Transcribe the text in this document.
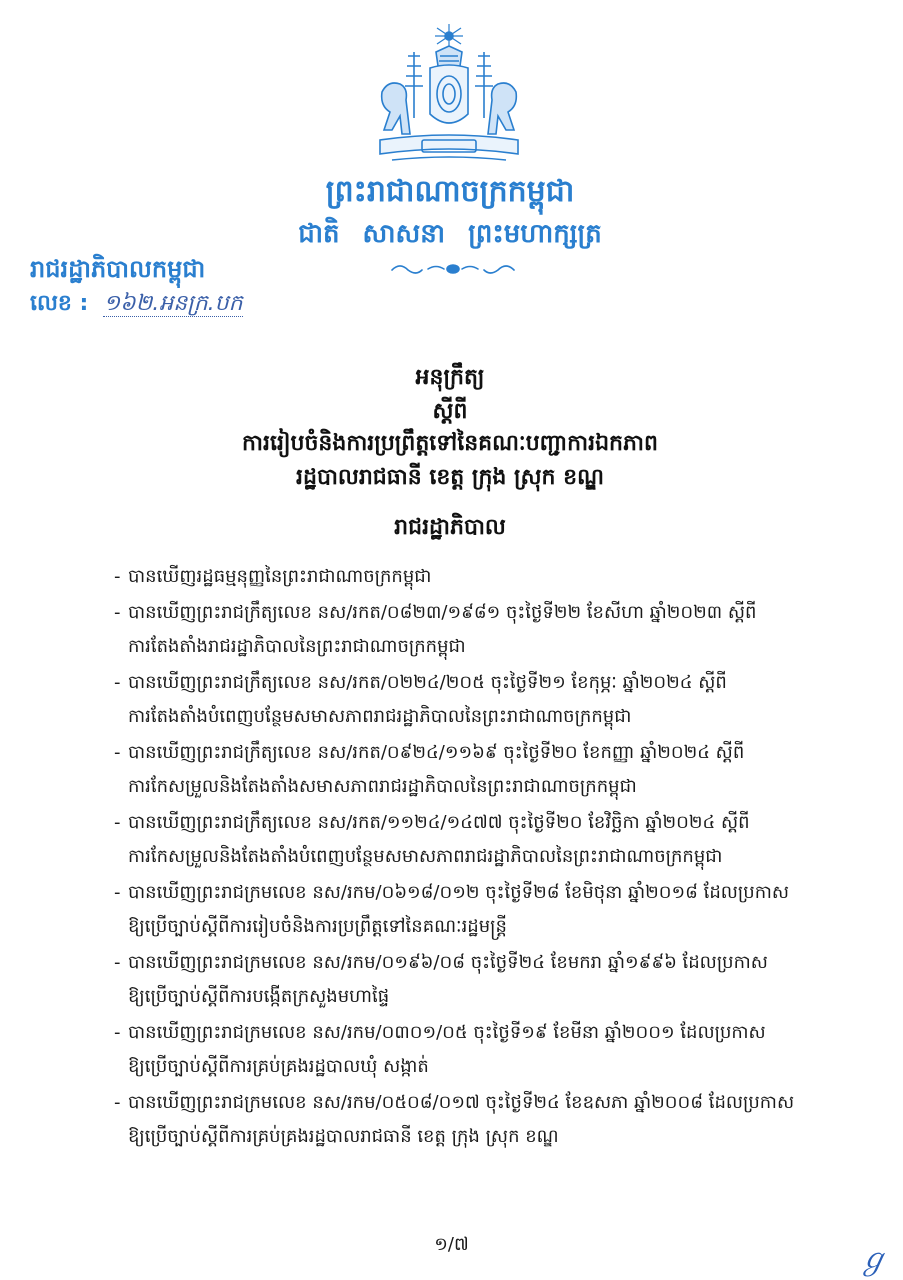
ព្រះរាជាណាចក្រកម្ពុជា
ជាតិ សាសនា ព្រះមហាក្សត្រ
រាជរដ្ឋាភិបាលកម្ពុជា
លេខ : ១៦២.អនក្រ.បក
អនុក្រឹត្យ
ស្ដីពី
ការរៀបចំនិងការប្រព្រឹត្តទៅនៃគណៈបញ្ជាការឯកភាព
រដ្ឋបាលរាជធានី ខេត្ត ក្រុង ស្រុក ខណ្ឌ
រាជរដ្ឋាភិបាល
- បានឃើញរដ្ឋធម្មនុញ្ញនៃព្រះរាជាណាចក្រកម្ពុជា
- បានឃើញព្រះរាជក្រឹត្យលេខ នស/រកត/០៨២៣/១៩៨១ ចុះថ្ងៃទី២២ ខែសីហា ឆ្នាំ២០២៣ ស្ដីពី
ការតែងតាំងរាជរដ្ឋាភិបាលនៃព្រះរាជាណាចក្រកម្ពុជា
- បានឃើញព្រះរាជក្រឹត្យលេខ នស/រកត/០២២៤/២០៥ ចុះថ្ងៃទី២១ ខែកុម្ភៈ ឆ្នាំ២០២៤ ស្ដីពី
ការតែងតាំងបំពេញបន្ថែមសមាសភាពរាជរដ្ឋាភិបាលនៃព្រះរាជាណាចក្រកម្ពុជា
- បានឃើញព្រះរាជក្រឹត្យលេខ នស/រកត/០៩២៤/១១៦៩ ចុះថ្ងៃទី២០ ខែកញ្ញា ឆ្នាំ២០២៤ ស្ដីពី
ការកែសម្រួលនិងតែងតាំងសមាសភាពរាជរដ្ឋាភិបាលនៃព្រះរាជាណាចក្រកម្ពុជា
- បានឃើញព្រះរាជក្រឹត្យលេខ នស/រកត/១១២៤/១៤៧៧ ចុះថ្ងៃទី២០ ខែវិច្ឆិកា ឆ្នាំ២០២៤ ស្ដីពី
ការកែសម្រួលនិងតែងតាំងបំពេញបន្ថែមសមាសភាពរាជរដ្ឋាភិបាលនៃព្រះរាជាណាចក្រកម្ពុជា
- បានឃើញព្រះរាជក្រមលេខ នស/រកម/០៦១៨/០១២ ចុះថ្ងៃទី២៨ ខែមិថុនា ឆ្នាំ២០១៨ ដែលប្រកាស
ឱ្យប្រើច្បាប់ស្ដីពីការរៀបចំនិងការប្រព្រឹត្តទៅនៃគណៈរដ្ឋមន្ត្រី
- បានឃើញព្រះរាជក្រមលេខ នស/រកម/០១៩៦/០៨ ចុះថ្ងៃទី២៤ ខែមករា ឆ្នាំ១៩៩៦ ដែលប្រកាស
ឱ្យប្រើច្បាប់ស្ដីពីការបង្កើតក្រសួងមហាផ្ទៃ
- បានឃើញព្រះរាជក្រមលេខ នស/រកម/០៣០១/០៥ ចុះថ្ងៃទី១៩ ខែមីនា ឆ្នាំ២០០១ ដែលប្រកាស
ឱ្យប្រើច្បាប់ស្ដីពីការគ្រប់គ្រងរដ្ឋបាលឃុំ សង្កាត់
- បានឃើញព្រះរាជក្រមលេខ នស/រកម/០៥០៨/០១៧ ចុះថ្ងៃទី២៤ ខែឧសភា ឆ្នាំ២០០៨ ដែលប្រកាស
ឱ្យប្រើច្បាប់ស្ដីពីការគ្រប់គ្រងរដ្ឋបាលរាជធានី ខេត្ត ក្រុង ស្រុក ខណ្ឌ
១/៧	ℊ
